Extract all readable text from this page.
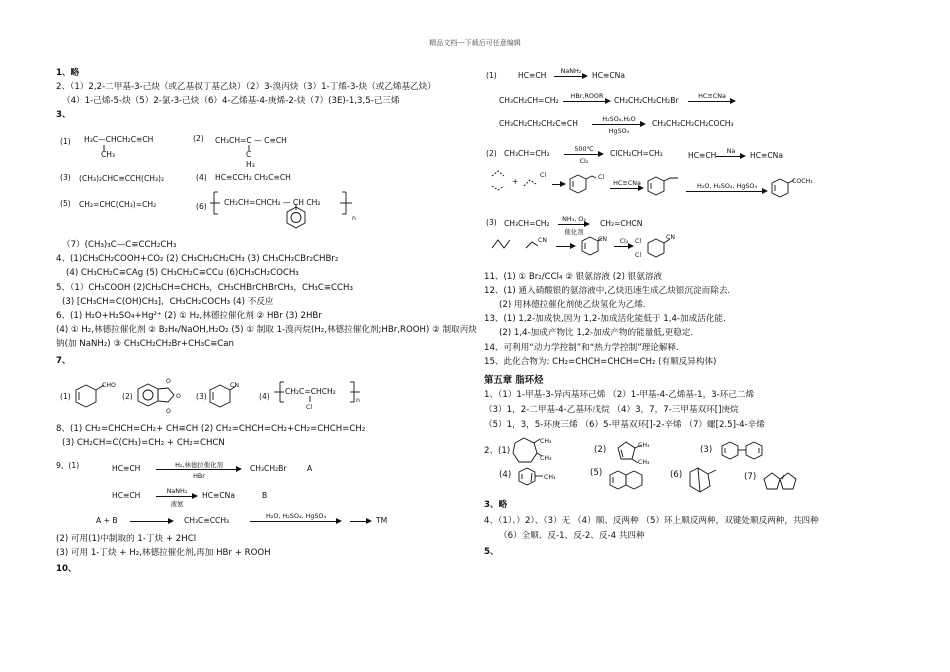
精品文档---下载后可任意编辑
1、略
2、（1）2,2-二甲基-3-己炔（或乙基叔丁基乙炔）（2）3-溴丙炔（3）1-丁烯-3-炔（或乙烯基乙炔）
（4）1-己烯-5-炔（5）2-氯-3-己炔（6）4-乙烯基-4-庚烯-2-炔（7）(3E)-1,3,5-己三烯
3、
(1) H₃C—CHCH₂C≡CH
CH₃
(2) CH₃CH=C — C≡CH
C
H₃
(3) (CH₃)₂CHC≡CCH(CH₃)₂	(4) HC≡CCH₂ CH₂C≡CH
(5) CH₂=CHC(CH₃)=CH₂	(6) CH₂CH=CHCH₂ — CH CH₂
n
（7）(CH₃)₃C—C≡CCH₂CH₃
4、(1)CH₃CH₂COOH+CO₂ (2) CH₃CH₂CH₂CH₃ (3) CH₃CH₂CBr₂CHBr₂
(4) CH₃CH₂C≡CAg (5) CH₃CH₂C≡CCu (6)CH₃CH₂COCH₃
5、（1）CH₃COOH (2)CH₃CH=CHCH₃，CH₃CHBrCHBrCH₃，CH₃C≡CCH₃
(3) [CH₃CH=C(OH)CH₃]，CH₃CH₂COCH₃ (4) 不反应
6、(1) H₂O+H₂SO₄+Hg²⁺ (2) ① H₂,林德拉催化剂 ② HBr (3) 2HBr
(4) ① H₂,林德拉催化剂 ② B₂H₆/NaOH,H₂O₂ (5) ① 制取 1-溴丙烷(H₂,林德拉催化剂;HBr,ROOH) ② 制取丙炔
钠(加 NaNH₂) ③ CH₃CH₂CH₂Br+CH₃C≡Can
7、
(1)
CHO
(2)
O
O
O
(3)
CN
(4)
CH₂C=CHCH₂
Cl
n
8、(1) CH₂=CHCH=CH₂+ CH≡CH (2) CH₂=CHCH=CH₂+CH₂=CHCH=CH₂
(3) CH₂CH=C(CH₃)=CH₂ + CH₂=CHCN
9、(1)	HC≡CH	H₂,林德拉催化剂
HBr
CH₃CH₂Br	A
HC≡CH	NaNH₂
液氨
HC≡CNa	B
A + B	CH₃C≡CCH₃	H₂O, H₂SO₄, HgSO₄	TM
(2) 可用(1)中制取的 1-丁炔 + 2HCl
(3) 可用 1-丁炔 + H₂,林德拉催化剂,再加 HBr + ROOH
10、
(1)	HC≡CH	NaNH₂	HC≡CNa
CH₃CH₂CH=CH₂	HBr,ROOR	CH₃CH₂CH₂CH₂Br	HC≡CNa
CH₃CH₂CH₂CH₂C≡CH	H₂SO₄,H₂O
HgSO₄
CH₃CH₂CH₂CH₂COCH₃
(2) CH₃CH=CH₂	500℃
Cl₂
ClCH₂CH=CH₂	HC≡CH	Na	HC≡CNa
+
Cl	Cl
HC≡CNa	H₂O, H₂SO₄, HgSO₄
COCH₃
(3) CH₃CH=CH₂	NH₃, O₂
催化剂
CH₂=CHCN
CN	CN	Cl₂	Cl
Cl
CN
11、(1) ① Br₂/CCl₄ ② 银氨溶液 (2) 银氨溶液
12、(1) 通入硝酸银的氨溶液中,乙炔迅速生成乙炔银沉淀而除去.
(2) 用林德拉催化剂使乙炔氢化为乙烯.
13、(1) 1,2-加成快,因为 1,2-加成活化能低于 1,4-加成活化能.
(2) 1,4-加成产物比 1,2-加成产物的能量低,更稳定.
14、可利用“动力学控制”和“热力学控制”理论解释.
15、此化合物为: CH₂=CHCH=CHCH=CH₂ (有顺反异构体)
第五章 脂环烃
1、（1）1-甲基-3-异丙基环己烯 （2）1-甲基-4-乙烯基-1，3-环己二烯
（3）1，2-二甲基-4-乙基环戊烷 （4）3，7，7-三甲基双环[]庚烷
（5）1，3，5-环庚三烯 （6）5-甲基双环[]-2-辛烯 （7）螺[2.5]-4-辛烯
2、(1)
CH₃
CH₃
(2)	CH₃
CH₃
(3)
(4)	CH₃	(5)	(6)	(7)
3、略
4、（1）、）2）、（3）无 （4）顺、反两种 （5）环上顺反两种，双键处顺反两种，共四种
（6）全顺、反-1、反-2、反-4 共四种
5、
